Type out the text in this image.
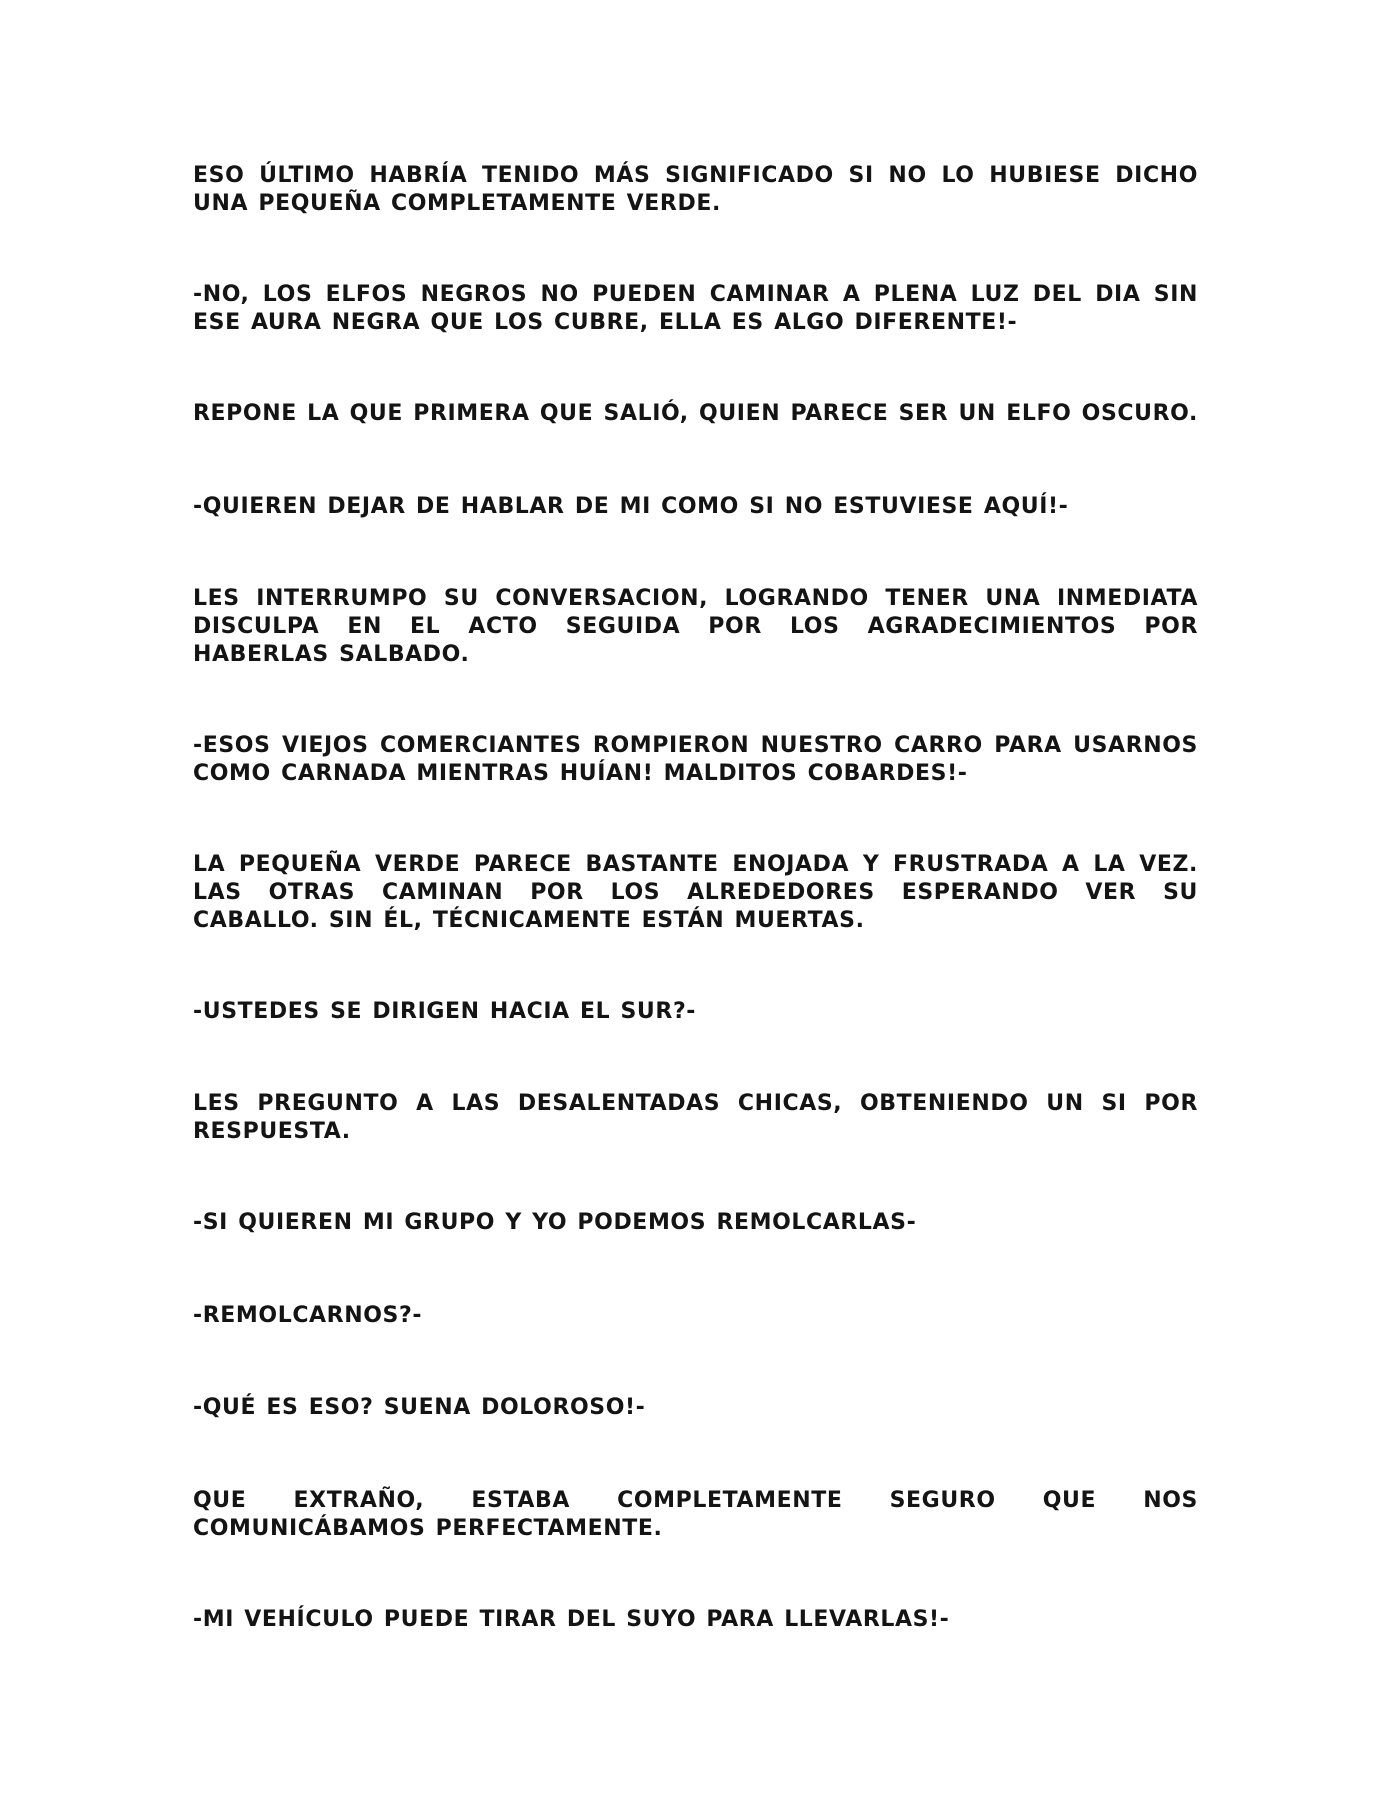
ESO ÚLTIMO HABRÍA TENIDO MÁS SIGNIFICADO SI NO LO HUBIESE DICHO UNA PEQUEÑA COMPLETAMENTE VERDE.

-NO, LOS ELFOS NEGROS NO PUEDEN CAMINAR A PLENA LUZ DEL DIA SIN ESE AURA NEGRA QUE LOS CUBRE, ELLA ES ALGO DIFERENTE!-

REPONE LA QUE PRIMERA QUE SALIÓ, QUIEN PARECE SER UN ELFO OSCURO.

-QUIEREN DEJAR DE HABLAR DE MI COMO SI NO ESTUVIESE AQUÍ!-

LES INTERRUMPO SU CONVERSACION, LOGRANDO TENER UNA INMEDIATA DISCULPA EN EL ACTO SEGUIDA POR LOS AGRADECIMIENTOS POR HABERLAS SALBADO.

-ESOS VIEJOS COMERCIANTES ROMPIERON NUESTRO CARRO PARA USARNOS COMO CARNADA MIENTRAS HUÍAN! MALDITOS COBARDES!-

LA PEQUEÑA VERDE PARECE BASTANTE ENOJADA Y FRUSTRADA A LA VEZ. LAS OTRAS CAMINAN POR LOS ALREDEDORES ESPERANDO VER SU CABALLO. SIN ÉL, TÉCNICAMENTE ESTÁN MUERTAS.

-USTEDES SE DIRIGEN HACIA EL SUR?-

LES PREGUNTO A LAS DESALENTADAS CHICAS, OBTENIENDO UN SI POR RESPUESTA.

-SI QUIEREN MI GRUPO Y YO PODEMOS REMOLCARLAS-

-REMOLCARNOS?-

-QUÉ ES ESO? SUENA DOLOROSO!-

QUE EXTRAÑO, ESTABA COMPLETAMENTE SEGURO QUE NOS COMUNICÁBAMOS PERFECTAMENTE.

-MI VEHÍCULO PUEDE TIRAR DEL SUYO PARA LLEVARLAS!-
